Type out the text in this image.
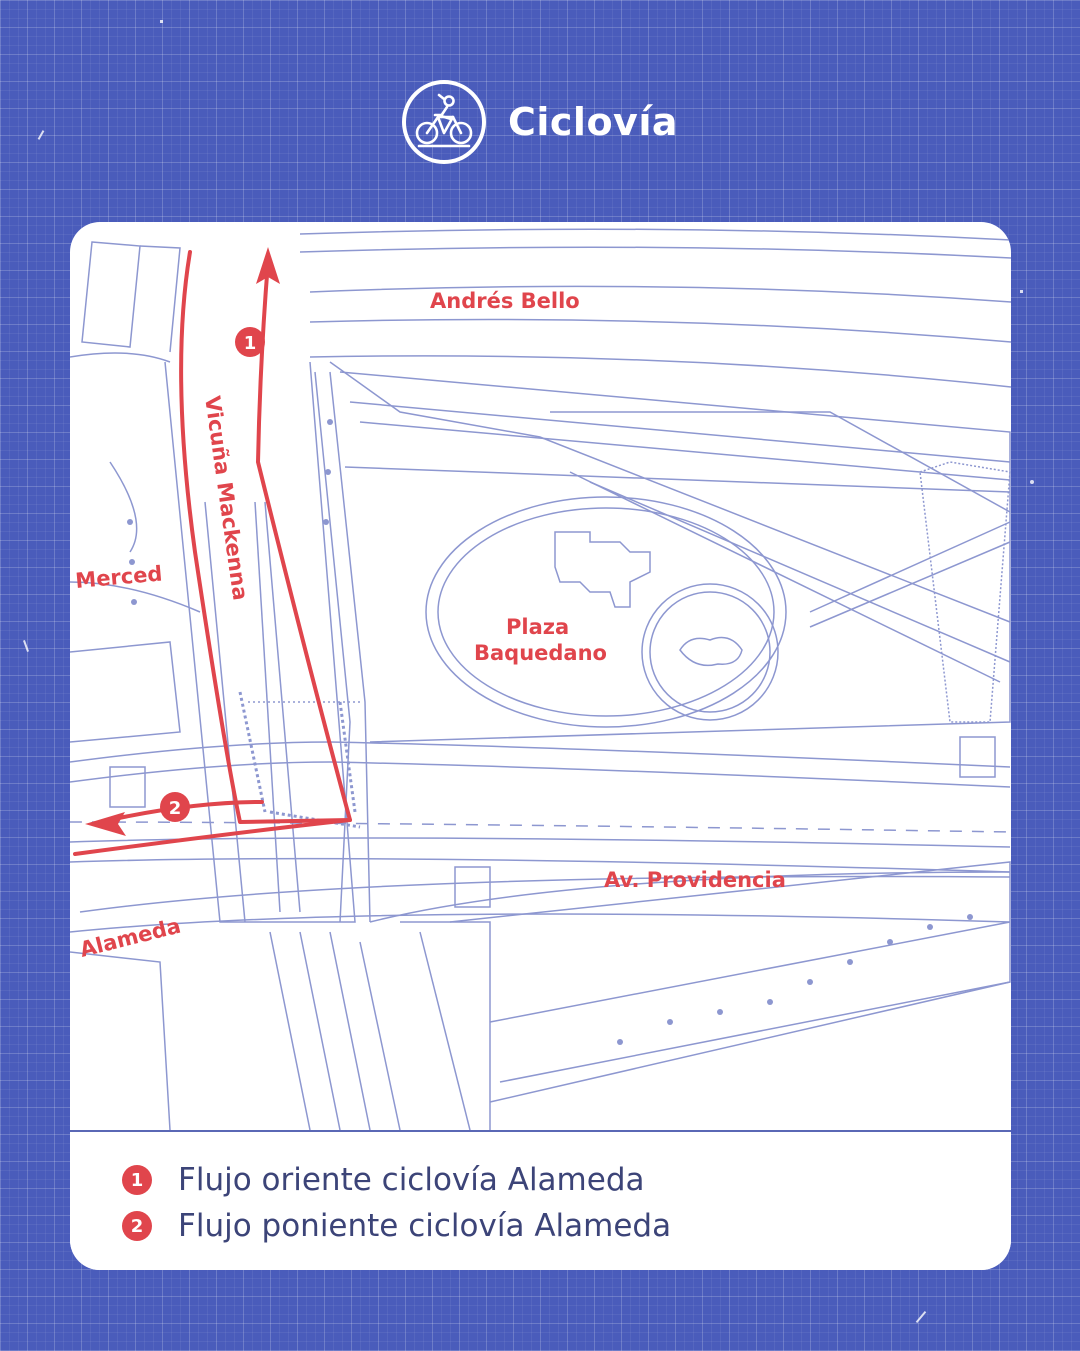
Ciclovía
1
2
Andrés Bello
Vicuña Mackenna
Merced
Plaza
Baquedano
Av. Providencia
Alameda
1 Flujo oriente ciclovía Alameda
2 Flujo poniente ciclovía Alameda
